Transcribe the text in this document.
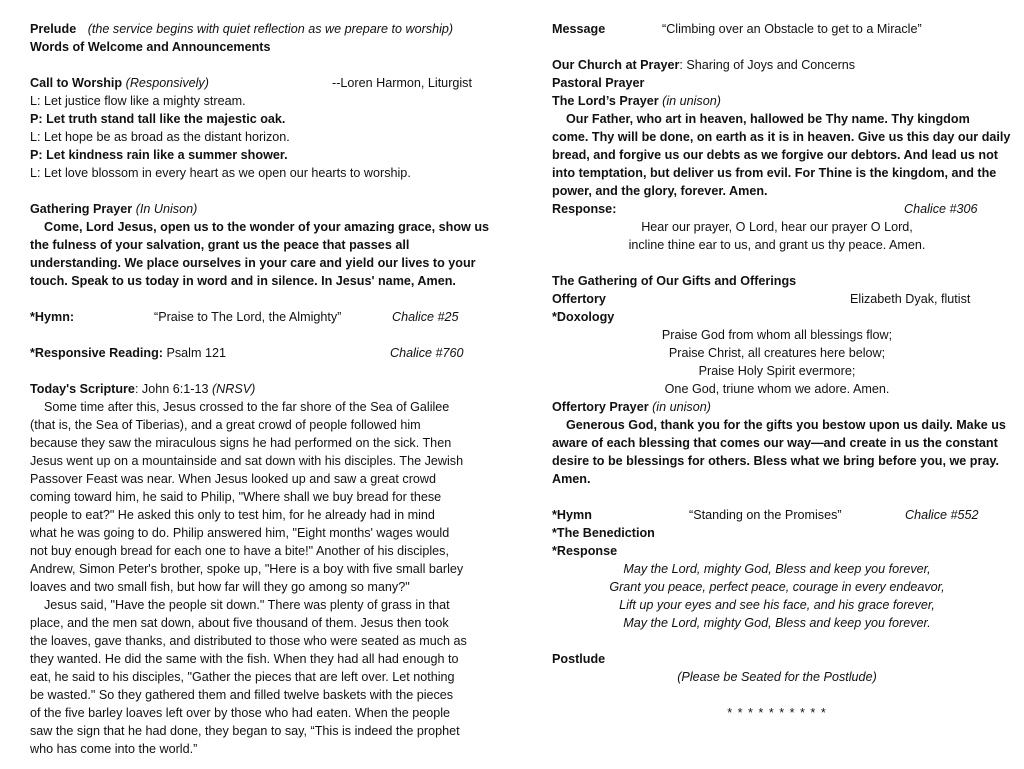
Prelude (the service begins with quiet reflection as we prepare to worship)
Words of Welcome and Announcements
Call to Worship (Responsively)	--Loren Harmon, Liturgist
L: Let justice flow like a mighty stream.
P: Let truth stand tall like the majestic oak.
L: Let hope be as broad as the distant horizon.
P: Let kindness rain like a summer shower.
L: Let love blossom in every heart as we open our hearts to worship.
Gathering Prayer (In Unison)
Come, Lord Jesus, open us to the wonder of your amazing grace, show us
the fulness of your salvation, grant us the peace that passes all
understanding. We place ourselves in your care and yield our lives to your
touch. Speak to us today in word and in silence. In Jesus' name, Amen.
*Hymn:	“Praise to The Lord, the Almighty”	Chalice #25
*Responsive Reading: Psalm 121	Chalice #760
Today's Scripture: John 6:1-13 (NRSV)
Some time after this, Jesus crossed to the far shore of the Sea of Galilee
(that is, the Sea of Tiberias), and a great crowd of people followed him
because they saw the miraculous signs he had performed on the sick. Then
Jesus went up on a mountainside and sat down with his disciples. The Jewish
Passover Feast was near. When Jesus looked up and saw a great crowd
coming toward him, he said to Philip, "Where shall we buy bread for these
people to eat?" He asked this only to test him, for he already had in mind
what he was going to do. Philip answered him, "Eight months' wages would
not buy enough bread for each one to have a bite!" Another of his disciples,
Andrew, Simon Peter's brother, spoke up, "Here is a boy with five small barley
loaves and two small fish, but how far will they go among so many?"
Jesus said, "Have the people sit down." There was plenty of grass in that
place, and the men sat down, about five thousand of them. Jesus then took
the loaves, gave thanks, and distributed to those who were seated as much as
they wanted. He did the same with the fish. When they had all had enough to
eat, he said to his disciples, "Gather the pieces that are left over. Let nothing
be wasted." So they gathered them and filled twelve baskets with the pieces
of the five barley loaves left over by those who had eaten. When the people
saw the sign that he had done, they began to say, “This is indeed the prophet
who has come into the world.”
Message	“Climbing over an Obstacle to get to a Miracle”
Our Church at Prayer: Sharing of Joys and Concerns
Pastoral Prayer
The Lord’s Prayer (in unison)
Our Father, who art in heaven, hallowed be Thy name. Thy kingdom
come. Thy will be done, on earth as it is in heaven. Give us this day our daily
bread, and forgive us our debts as we forgive our debtors. And lead us not
into temptation, but deliver us from evil. For Thine is the kingdom, and the
power, and the glory, forever. Amen.
Response:	Chalice #306
Hear our prayer, O Lord, hear our prayer O Lord,
incline thine ear to us, and grant us thy peace. Amen.
The Gathering of Our Gifts and Offerings
Offertory	Elizabeth Dyak, flutist
*Doxology
Praise God from whom all blessings flow;
Praise Christ, all creatures here below;
Praise Holy Spirit evermore;
One God, triune whom we adore. Amen.
Offertory Prayer (in unison)
Generous God, thank you for the gifts you bestow upon us daily. Make us
aware of each blessing that comes our way—and create in us the constant
desire to be blessings for others. Bless what we bring before you, we pray.
Amen.
*Hymn	“Standing on the Promises”	Chalice #552
*The Benediction
*Response
May the Lord, mighty God, Bless and keep you forever,
Grant you peace, perfect peace, courage in every endeavor,
Lift up your eyes and see his face, and his grace forever,
May the Lord, mighty God, Bless and keep you forever.
Postlude
(Please be Seated for the Postlude)
* * * * * * * * * *
